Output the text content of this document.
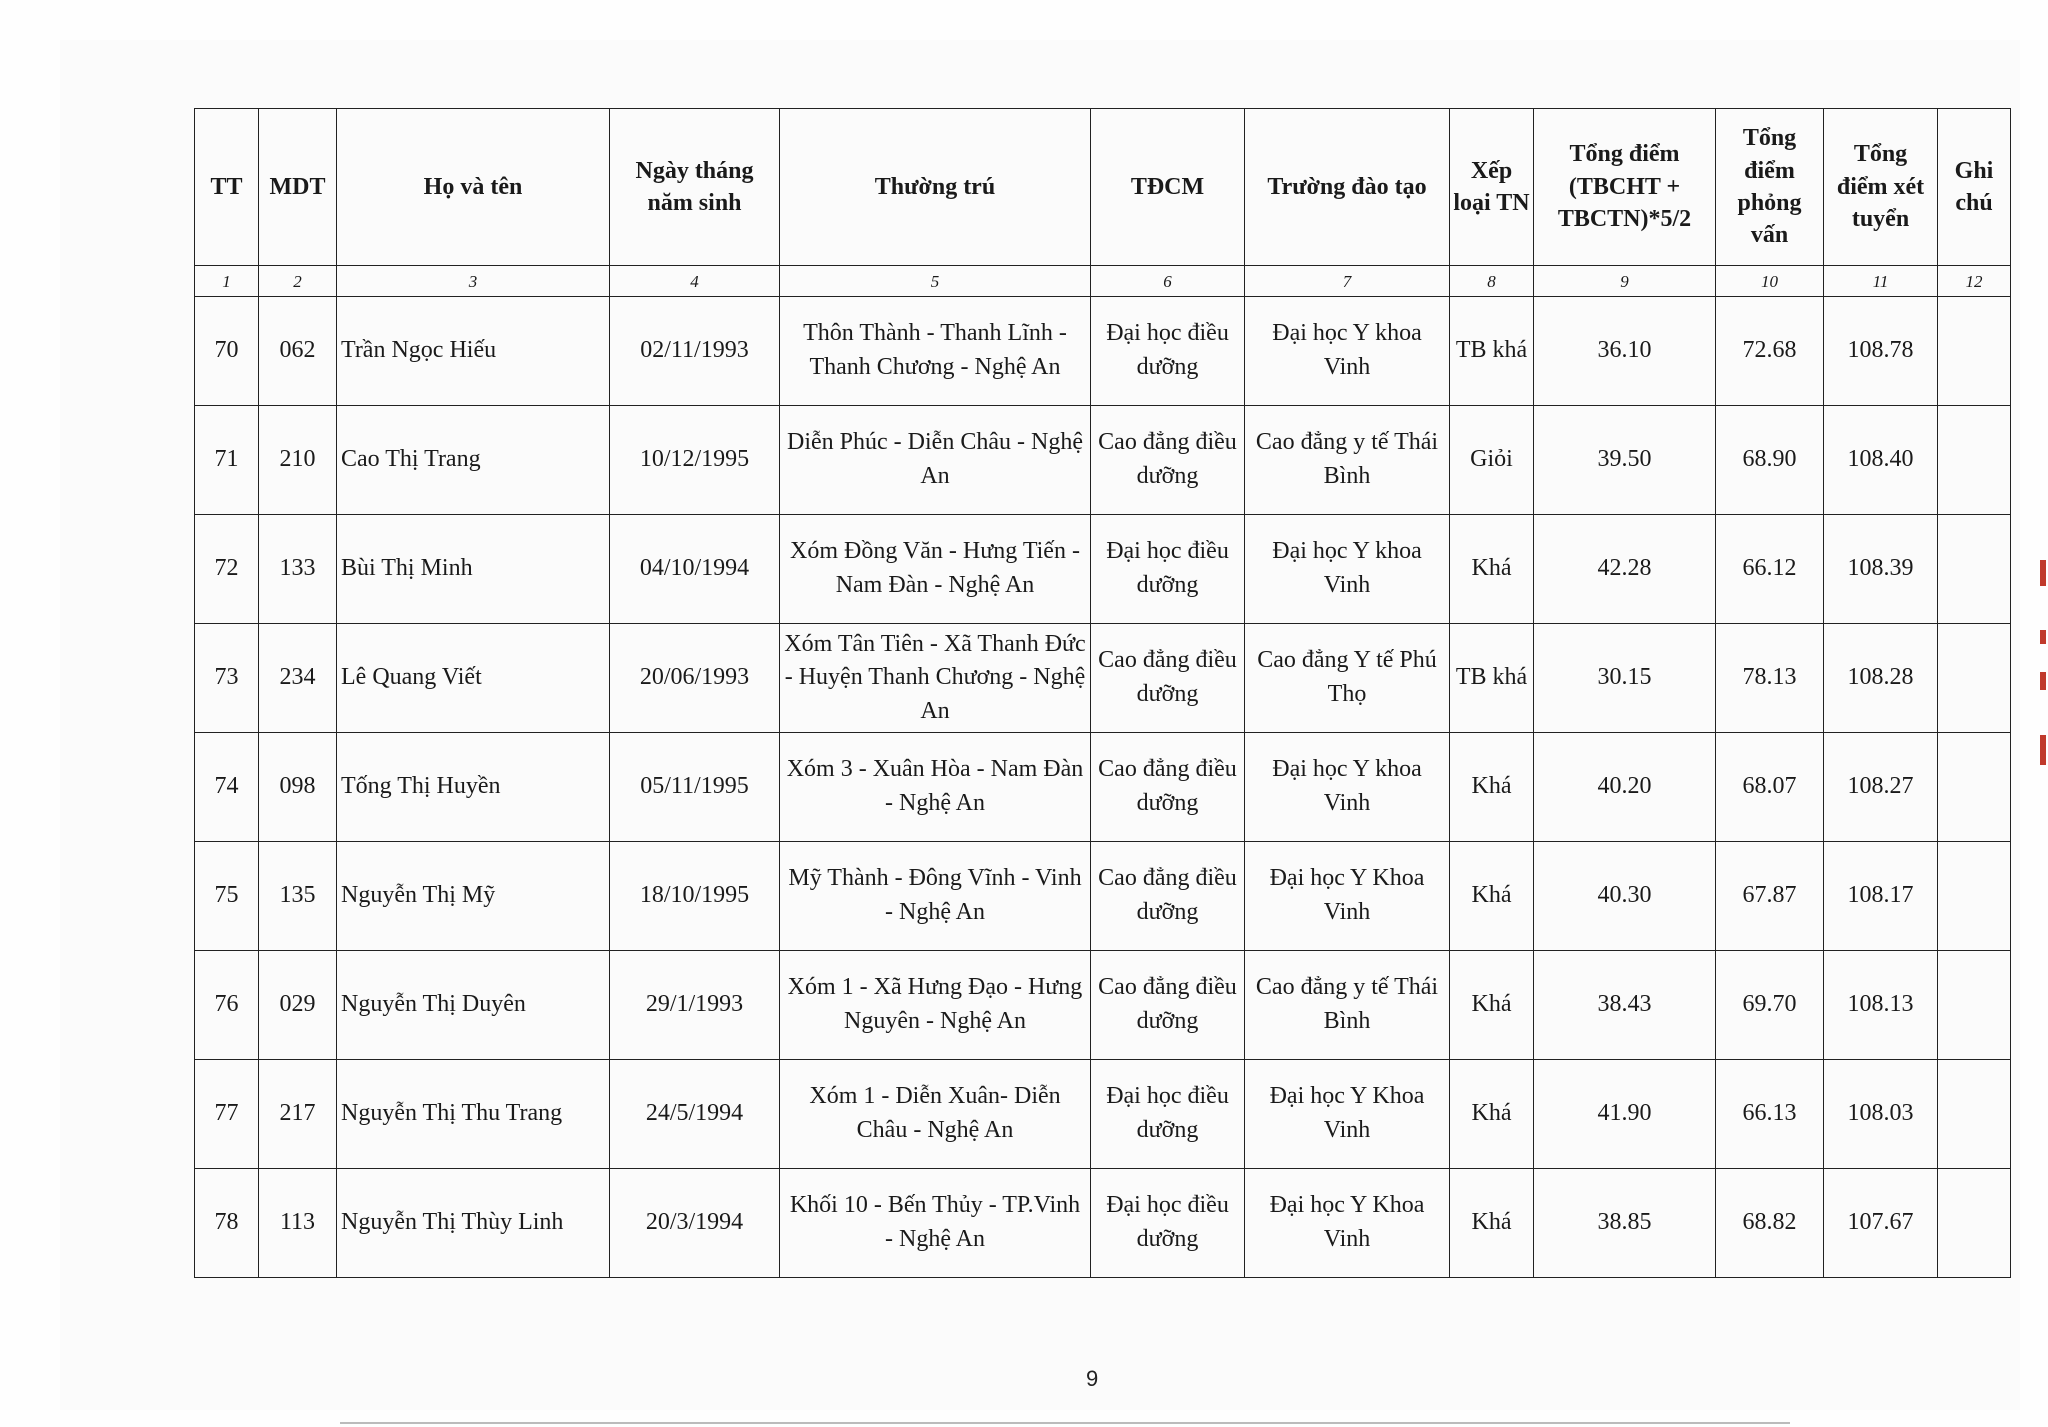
TT	MDT	Họ và tên	Ngày tháng năm sinh	Thường trú	TĐCM	Trường đào tạo	Xếp loại TN	Tổng điểm (TBCHT + TBCTN)*5/2	Tổng điểm phỏng vấn	Tổng điểm xét tuyển	Ghi chú
1	2	3	4	5	6	7	8	9	10	11	12
70	062	Trần Ngọc Hiếu	02/11/1993	Thôn Thành - Thanh Lĩnh - Thanh Chương - Nghệ An	Đại học điều dưỡng	Đại học Y khoa Vinh	TB khá	36.10	72.68	108.78	
71	210	Cao Thị Trang	10/12/1995	Diễn Phúc - Diễn Châu - Nghệ An	Cao đẳng điều dưỡng	Cao đẳng y tế Thái Bình	Giỏi	39.50	68.90	108.40	
72	133	Bùi Thị Minh	04/10/1994	Xóm Đồng Văn - Hưng Tiến - Nam Đàn - Nghệ An	Đại học điều dưỡng	Đại học Y khoa Vinh	Khá	42.28	66.12	108.39	
73	234	Lê Quang Viết	20/06/1993	Xóm Tân Tiên - Xã Thanh Đức - Huyện Thanh Chương - Nghệ An	Cao đẳng điều dưỡng	Cao đẳng Y tế Phú Thọ	TB khá	30.15	78.13	108.28	
74	098	Tống Thị Huyền	05/11/1995	Xóm 3 - Xuân Hòa - Nam Đàn - Nghệ An	Cao đẳng điều dưỡng	Đại học Y khoa Vinh	Khá	40.20	68.07	108.27	
75	135	Nguyễn Thị Mỹ	18/10/1995	Mỹ Thành - Đông Vĩnh - Vinh - Nghệ An	Cao đẳng điều dưỡng	Đại học Y Khoa Vinh	Khá	40.30	67.87	108.17	
76	029	Nguyễn Thị Duyên	29/1/1993	Xóm 1 - Xã Hưng Đạo - Hưng Nguyên - Nghệ An	Cao đẳng điều dưỡng	Cao đẳng y tế Thái Bình	Khá	38.43	69.70	108.13	
77	217	Nguyễn Thị Thu Trang	24/5/1994	Xóm 1 - Diễn Xuân- Diễn Châu - Nghệ An	Đại học điều dưỡng	Đại học Y Khoa Vinh	Khá	41.90	66.13	108.03	
78	113	Nguyễn Thị Thùy Linh	20/3/1994	Khối 10 - Bến Thủy - TP.Vinh - Nghệ An	Đại học điều dưỡng	Đại học Y Khoa Vinh	Khá	38.85	68.82	107.67	
9
